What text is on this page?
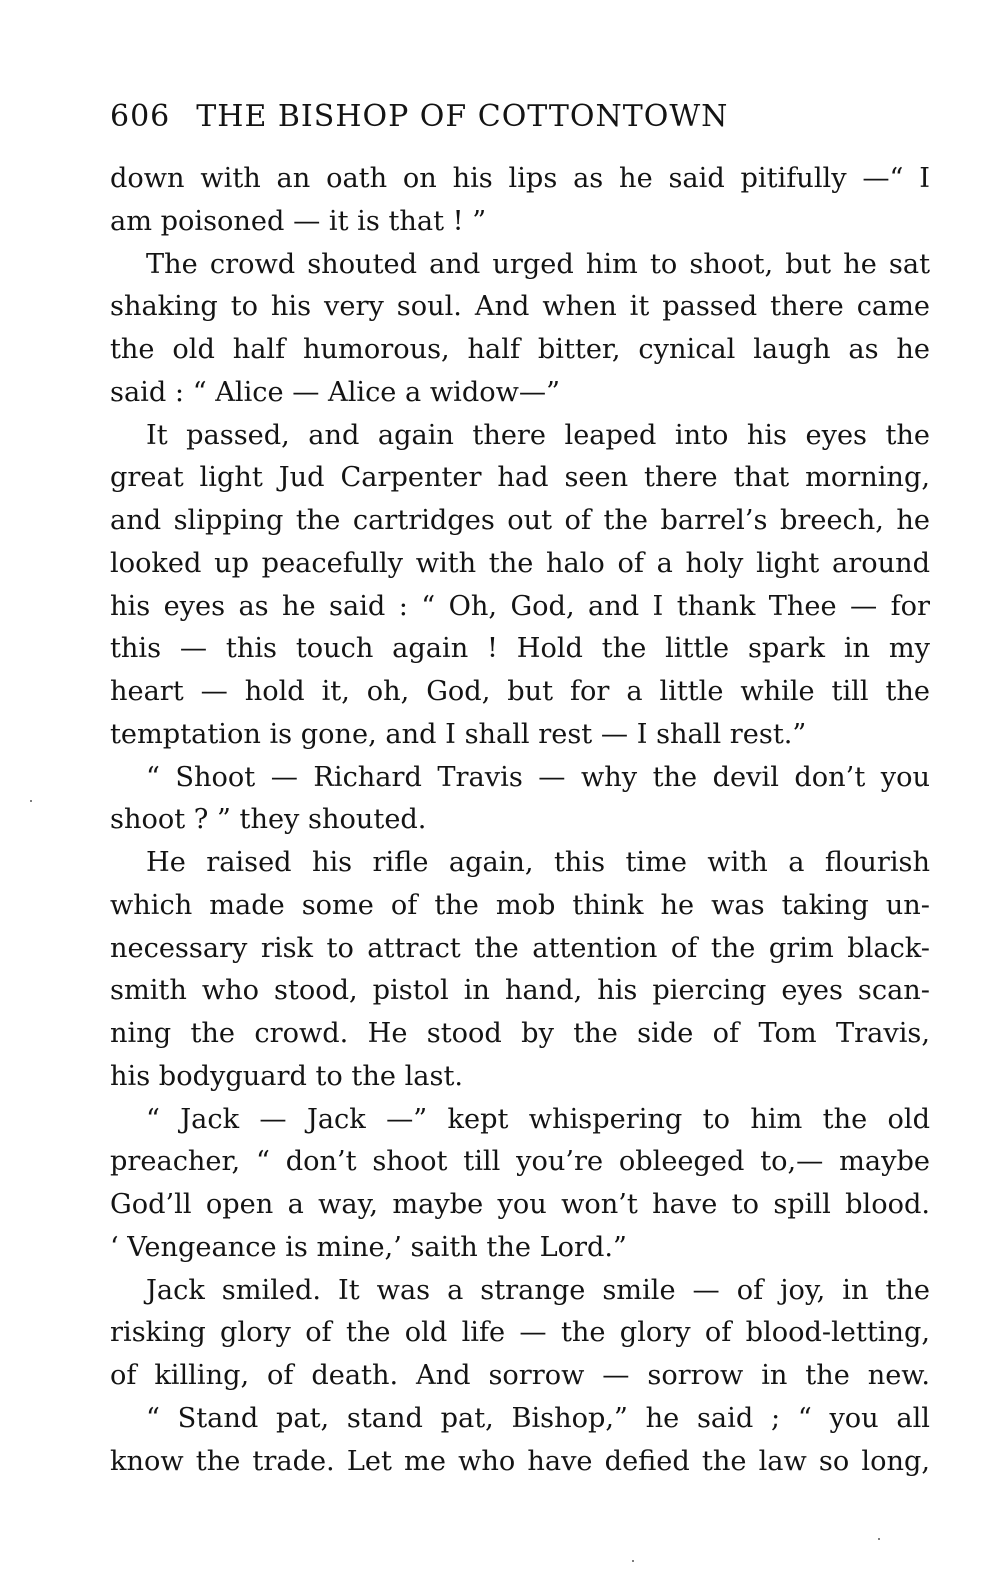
606 THE BISHOP OF COTTONTOWN
down with an oath on his lips as he said pitifully —“ I
am poisoned — it is that ! ”
The crowd shouted and urged him to shoot, but he sat
shaking to his very soul. And when it passed there came
the old half humorous, half bitter, cynical laugh as he
said : “ Alice — Alice a widow—”
It passed, and again there leaped into his eyes the
great light Jud Carpenter had seen there that morning,
and slipping the cartridges out of the barrel’s breech, he
looked up peacefully with the halo of a holy light around
his eyes as he said : “ Oh, God, and I thank Thee — for
this — this touch again ! Hold the little spark in my
heart — hold it, oh, God, but for a little while till the
temptation is gone, and I shall rest — I shall rest.”
“ Shoot — Richard Travis — why the devil don’t you
shoot ? ” they shouted.
He raised his rifle again, this time with a flourish
which made some of the mob think he was taking un-
necessary risk to attract the attention of the grim black-
smith who stood, pistol in hand, his piercing eyes scan-
ning the crowd. He stood by the side of Tom Travis,
his bodyguard to the last.
“ Jack — Jack —” kept whispering to him the old
preacher, “ don’t shoot till you’re obleeged to,— maybe
God’ll open a way, maybe you won’t have to spill blood.
‘ Vengeance is mine,’ saith the Lord.”
Jack smiled. It was a strange smile — of joy, in the
risking glory of the old life — the glory of blood-letting,
of killing, of death. And sorrow — sorrow in the new.
“ Stand pat, stand pat, Bishop,” he said ; “ you all
know the trade. Let me who have defied the law so long,
